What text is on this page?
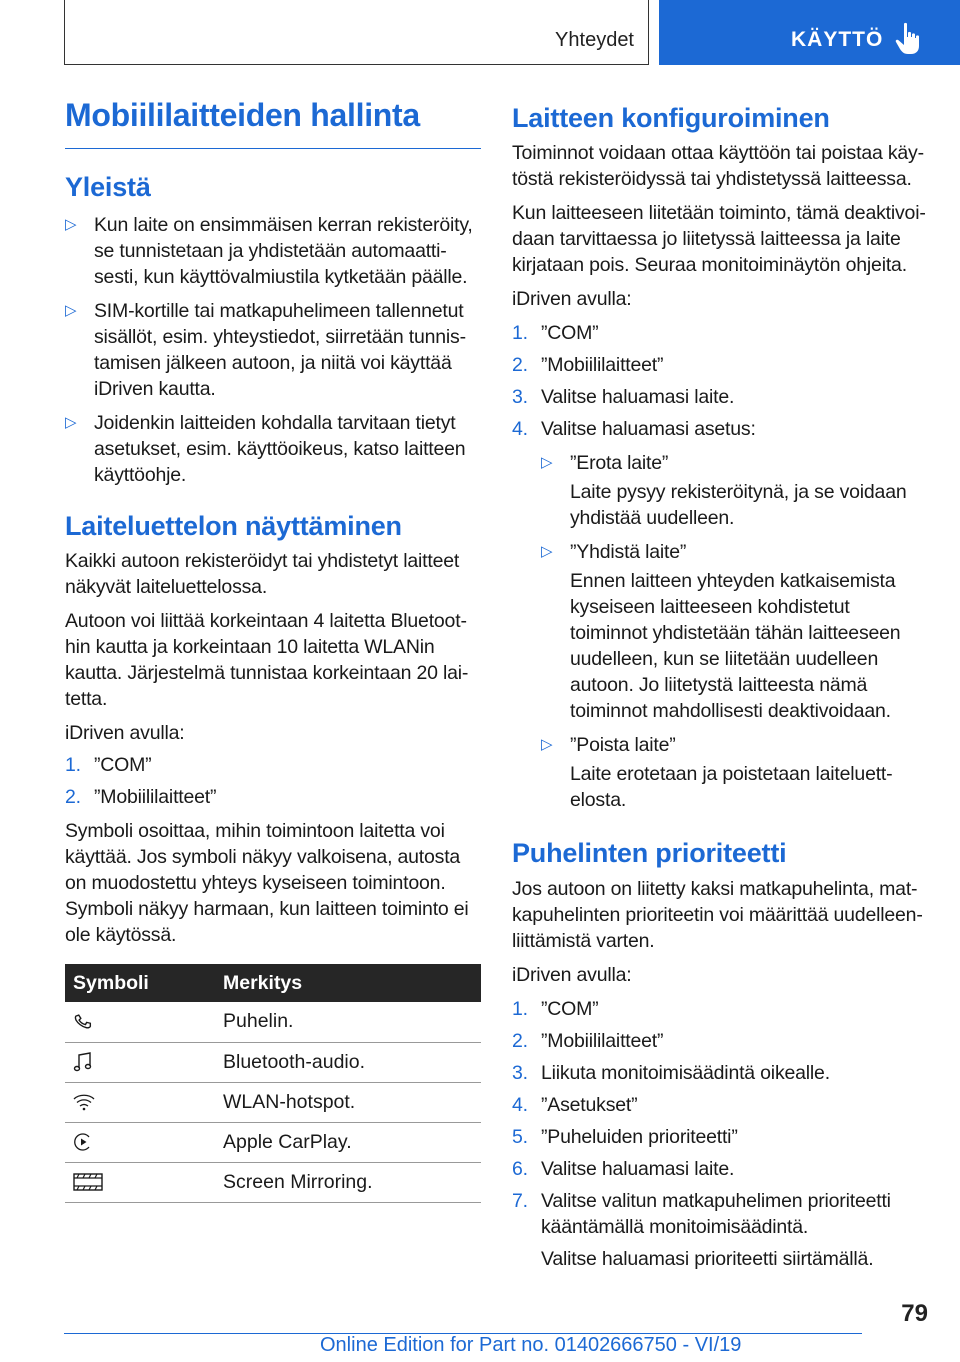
Yhteydet	KÄYTTÖ
Mobiililaitteiden hallinta
Yleistä
▷ Kun laite on ensimmäisen kerran rekisteröity, se tunnistetaan ja yhdistetään automaattisesti, kun käyttövalmiustila kytketään päälle.
▷ SIM-kortille tai matkapuhelimeen tallennetut sisällöt, esim. yhteystiedot, siirretään tunnistamisen jälkeen autoon, ja niitä voi käyttää iDriven kautta.
▷ Joidenkin laitteiden kohdalla tarvitaan tietyt asetukset, esim. käyttöoikeus, katso laitteen käyttöohje.
Laiteluettelon näyttäminen

Kaikki autoon rekisteröidyt tai yhdistetyt laitteet näkyvät laiteluettelossa.

Autoon voi liittää korkeintaan 4 laitetta Bluetoothin kautta ja korkeintaan 10 laitetta WLANin kautta. Järjestelmä tunnistaa korkeintaan 20 laitetta.

iDriven avulla:

1. ”COM”
2. ”Mobiililaitteet”

Symboli osoittaa, mihin toimintoon laitetta voi käyttää. Jos symboli näkyy valkoisena, autosta on muodostettu yhteys kyseiseen toimintoon. Symboli näkyy harmaan, kun laitteen toiminto ei ole käytössä.

Symboli	Merkitys

	Puhelin.

	Bluetooth-audio.

	WLAN-hotspot.

	Apple CarPlay.

	Screen Mirroring.
Laitteen konfiguroiminen

Toiminnot voidaan ottaa käyttöön tai poistaa käytöstä rekisteröidyssä tai yhdistetyssä laitteessa.

Kun laitteeseen liitetään toiminto, tämä deaktivoidaan tarvittaessa jo liitetyssä laitteessa ja laite kirjataan pois. Seuraa monitoiminäytön ohjeita.

iDriven avulla:

1. ”COM”
2. ”Mobiililaitteet”
3. Valitse haluamasi laite.
4. Valitse haluamasi asetus:
▷ ”Erota laite”
Laite pysyy rekisteröitynä, ja se voidaan yhdistää uudelleen.
▷ ”Yhdistä laite”
Ennen laitteen yhteyden katkaisemista kyseiseen laitteeseen kohdistetut toiminnot yhdistetään tähän laitteeseen uudelleen, kun se liitetään uudelleen autoon. Jo liitetystä laitteesta nämä toiminnot mahdollisesti deaktivoidaan.
▷ ”Poista laite”
Laite erotetaan ja poistetaan laiteluettelosta.
Puhelinten prioriteetti

Jos autoon on liitetty kaksi matkapuhelinta, matkapuhelinten prioriteetin voi määrittää uudelleenliittämistä varten.

iDriven avulla:

1. ”COM”
2. ”Mobiililaitteet”
3. Liikuta monitoimisäädintä oikealle.
4. ”Asetukset”
5. ”Puheluiden prioriteetti”
6. Valitse haluamasi laite.
7. Valitse valitun matkapuhelimen prioriteetti kääntämällä monitoimisäädintä.
Valitse haluamasi prioriteetti siirtämällä.
79
Online Edition for Part no. 01402666750 - VI/19
